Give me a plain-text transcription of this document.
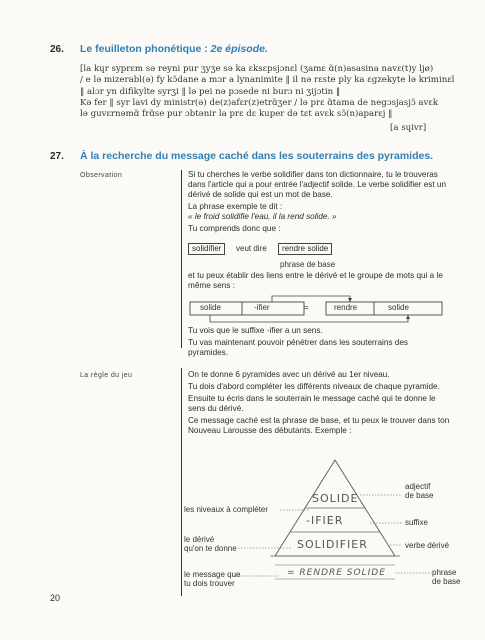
26. Le feuilleton phonétique : 2e épisode.
[la kɥr syprɛm sə reyni pur ʒyʒe sə ka ɛksɛpsjɔnɛl (ʒamɛ ɑ̃(n)asasina navɛ(t)y ljø)
/ e lə mizerabl(ə) fy kɔ̃dane a mɔr a lynanimite ‖ il nə rɛste ply ka ɛgzekyte lə kriminɛl
‖ alɔr yn difikylte syrʒi ‖ lə pei nə pɔsede ni burɔ ni ʒijɔtin ‖
Kə fer ‖ syr lavi dy ministr(ə) de(z)afɛr(z)etrɑ̃ʒer / lə prɛ ɑ̃tama de negɔsjasjɔ̃ avɛk
lə guvɛrnəmɑ̃ frɑ̃se pur ɔbtənir la prɛ dɛ kuper də tɛt avɛk sɔ̃(n)aparɛj ‖
[a sɥivr]
27. À la recherche du message caché dans les souterrains des pyramides.
Observation	Si tu cherches le verbe solidifier dans ton dictionnaire, tu le trouveras dans l'article qui a pour entrée l'adjectif solide. Le verbe solidifier est un dérivé de solide qui est un mot de base.

La phrase exemple te dit :

« le froid solidifie l'eau, il la rend solide. »

Tu comprends donc que :

solidifier	veut dire	rendre solide
phrase de base
et tu peux établir des liens entre le dérivé et le groupe de mots qui a le même sens :
solide	-ifier	=	rendre	solide

Tu vois que le suffixe -ifier a un sens.

Tu vas maintenant pouvoir pénétrer dans les souterrains des pyramides.

La règle du jeu	On te donne 6 pyramides avec un dérivé au 1er niveau.

Tu dois d'abord compléter les différents niveaux de chaque pyramide.

Ensuite tu écris dans le souterrain le message caché qui te donne le sens du dérivé.

Ce message caché est la phrase de base, et tu peux le trouver dans ton Nouveau Larousse des débutants. Exemple :

SOLIDE
-IFIER
SOLIDIFIER
= RENDRE SOLIDE
les niveaux à compléter
le dérivé
qu'on te donne
le message que
tu dois trouver
adjectif
de base
suffixe
verbe dérivé
phrase
de base
20
